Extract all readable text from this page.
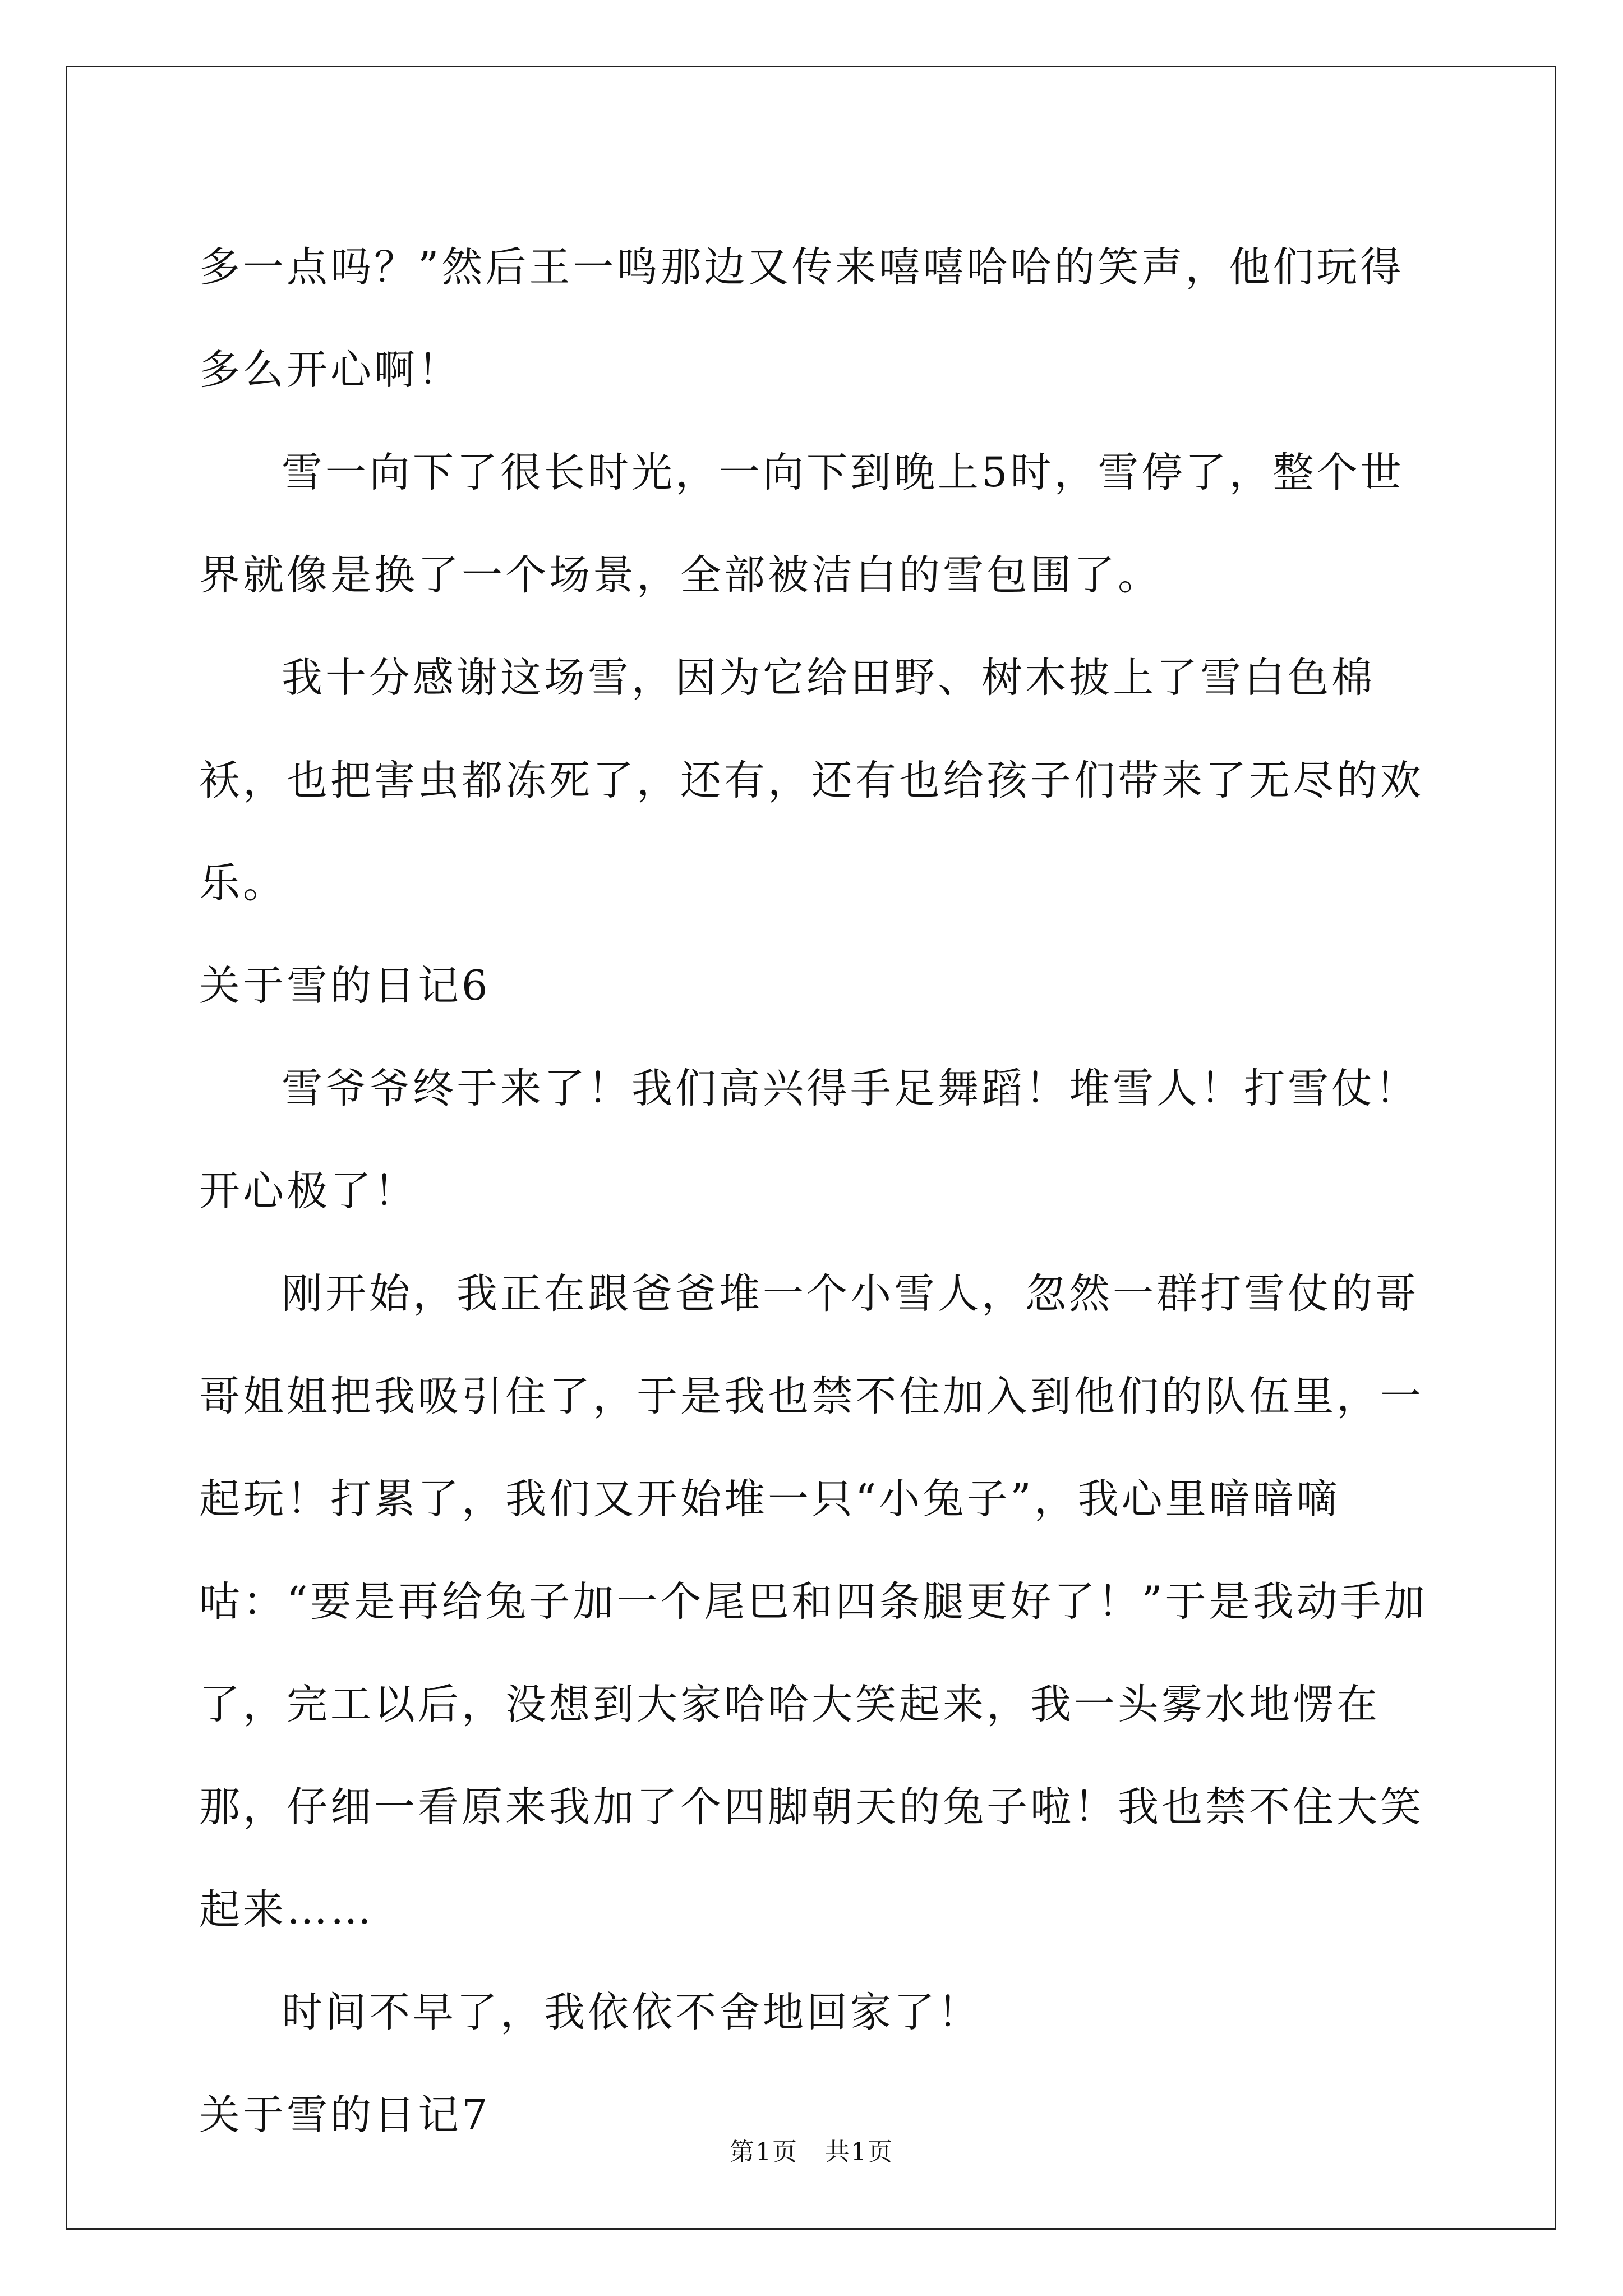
多一点吗？”然后王一鸣那边又传来嘻嘻哈哈的笑声，他们玩得多么开心啊！

雪一向下了很长时光，一向下到晚上5时，雪停了，整个世界就像是换了一个场景，全部被洁白的雪包围了。

我十分感谢这场雪，因为它给田野、树木披上了雪白色棉袄，也把害虫都冻死了，还有，还有也给孩子们带来了无尽的欢乐。

关于雪的日记6

雪爷爷终于来了！我们高兴得手足舞蹈！堆雪人！打雪仗！开心极了！

刚开始，我正在跟爸爸堆一个小雪人，忽然一群打雪仗的哥哥姐姐把我吸引住了，于是我也禁不住加入到他们的队伍里，一起玩！打累了，我们又开始堆一只“小兔子”，我心里暗暗嘀咕：“要是再给兔子加一个尾巴和四条腿更好了！”于是我动手加了，完工以后，没想到大家哈哈大笑起来，我一头雾水地愣在那，仔细一看原来我加了个四脚朝天的兔子啦！我也禁不住大笑起来……

时间不早了，我依依不舍地回家了！

关于雪的日记7

第1页 共1页
